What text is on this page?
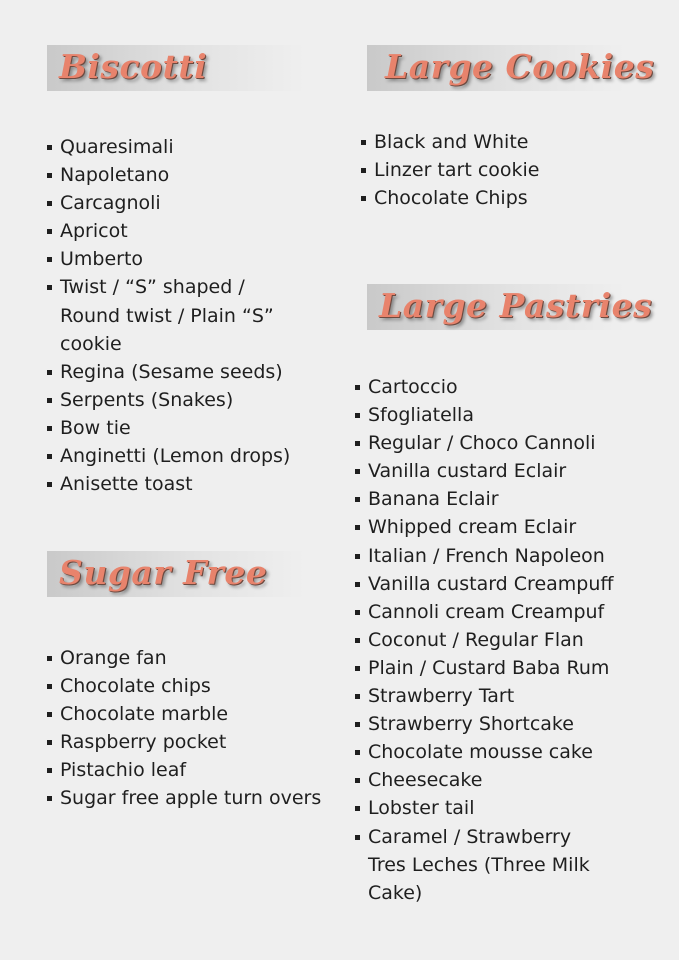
Biscotti
Quaresimali
Napoletano
Carcagnoli
Apricot
Umberto
Twist / “S” shaped / Round twist / Plain “S” cookie
Regina (Sesame seeds)
Serpents (Snakes)
Bow tie
Anginetti (Lemon drops)
Anisette toast
Sugar Free
Orange fan
Chocolate chips
Chocolate marble
Raspberry pocket
Pistachio leaf
Sugar free apple turn overs
Large Cookies
Black and White
Linzer tart cookie
Chocolate Chips
Large Pastries
Cartoccio
Sfogliatella
Regular / Choco Cannoli
Vanilla custard Eclair
Banana Eclair
Whipped cream Eclair
Italian / French Napoleon
Vanilla custard Creampuff
Cannoli cream Creampuf
Coconut / Regular Flan
Plain / Custard Baba Rum
Strawberry Tart
Strawberry Shortcake
Chocolate mousse cake
Cheesecake
Lobster tail
Caramel / Strawberry Tres Leches (Three Milk Cake)
